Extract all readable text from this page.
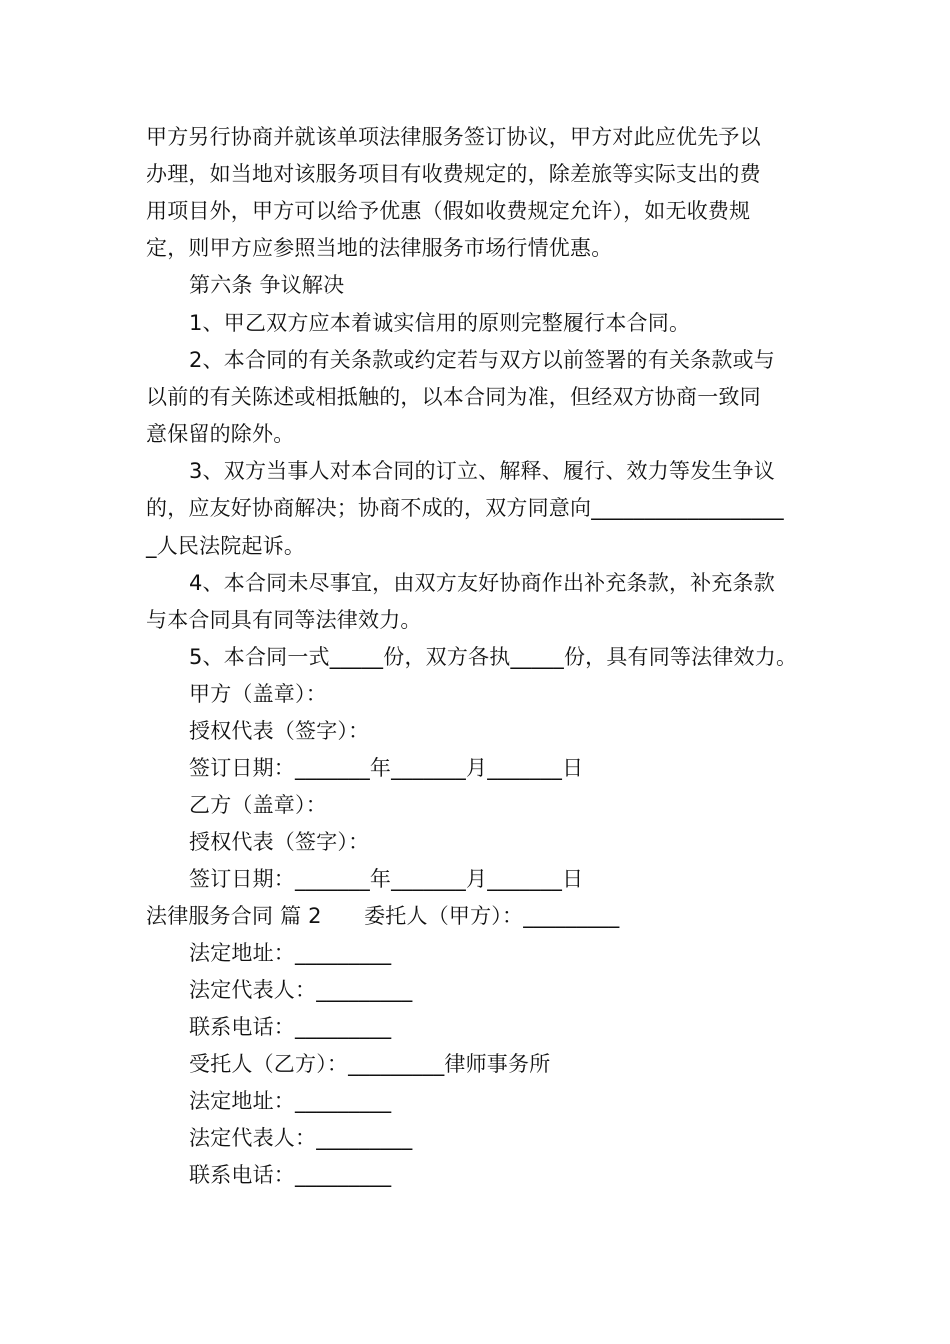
甲方另行协商并就该单项法律服务签订协议，甲方对此应优先予以
办理，如当地对该服务项目有收费规定的，除差旅等实际支出的费
用项目外，甲方可以给予优惠（假如收费规定允许），如无收费规
定，则甲方应参照当地的法律服务市场行情优惠。
第六条 争议解决
1、甲乙双方应本着诚实信用的原则完整履行本合同。
2、本合同的有关条款或约定若与双方以前签署的有关条款或与
以前的有关陈述或相抵触的，以本合同为准，但经双方协商一致同
意保留的除外。
3、双方当事人对本合同的订立、解释、履行、效力等发生争议
的，应友好协商解决；协商不成的，双方同意向__________________
_人民法院起诉。
4、本合同未尽事宜，由双方友好协商作出补充条款，补充条款
与本合同具有同等法律效力。
5、本合同一式_____份，双方各执_____份，具有同等法律效力。
甲方（盖章）：
授权代表（签字）：
签订日期：_______年_______月_______日
乙方（盖章）：
授权代表（签字）：
签订日期：_______年_______月_______日
法律服务合同 篇 2　　委托人（甲方）：_________
法定地址：_________
法定代表人：_________
联系电话：_________
受托人（乙方）：_________律师事务所
法定地址：_________
法定代表人：_________
联系电话：_________
